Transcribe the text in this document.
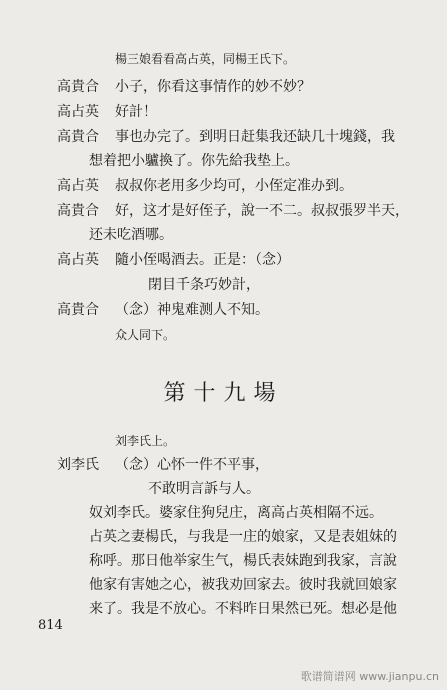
楊三娘看看高占英，同楊王氏下。
高貴合 小子，你看这事情作的妙不妙？
高占英 好計！
高貴合 事也办完了。到明日赶集我还缺几十塊錢，我
想着把小驢換了。你先給我垫上。
高占英 叔叔你老用多少均可，小侄定准办到。
高貴合 好，这才是好侄子，說一不二。叔叔張罗半天，
还未吃酒哪。
高占英 隨小侄喝酒去。正是：（念）
閉目千条巧妙計，
高貴合 （念）神鬼难测人不知。
众人同下。
刘李氏上。
刘李氏 （念）心怀一件不平事，
不敢明言訴与人。
奴刘李氏。婆家住狗兒庄，离高占英相隔不远。
占英之妻楊氏，与我是一庄的娘家，又是表姐妹的
称呼。那日他举家生气，楊氏表妹跑到我家，言說
他家有害她之心，被我劝回家去。彼时我就回娘家
来了。我是不放心。不料昨日果然已死。想必是他
第十九場
814
歌谱简谱网 www.jianpu.cn
